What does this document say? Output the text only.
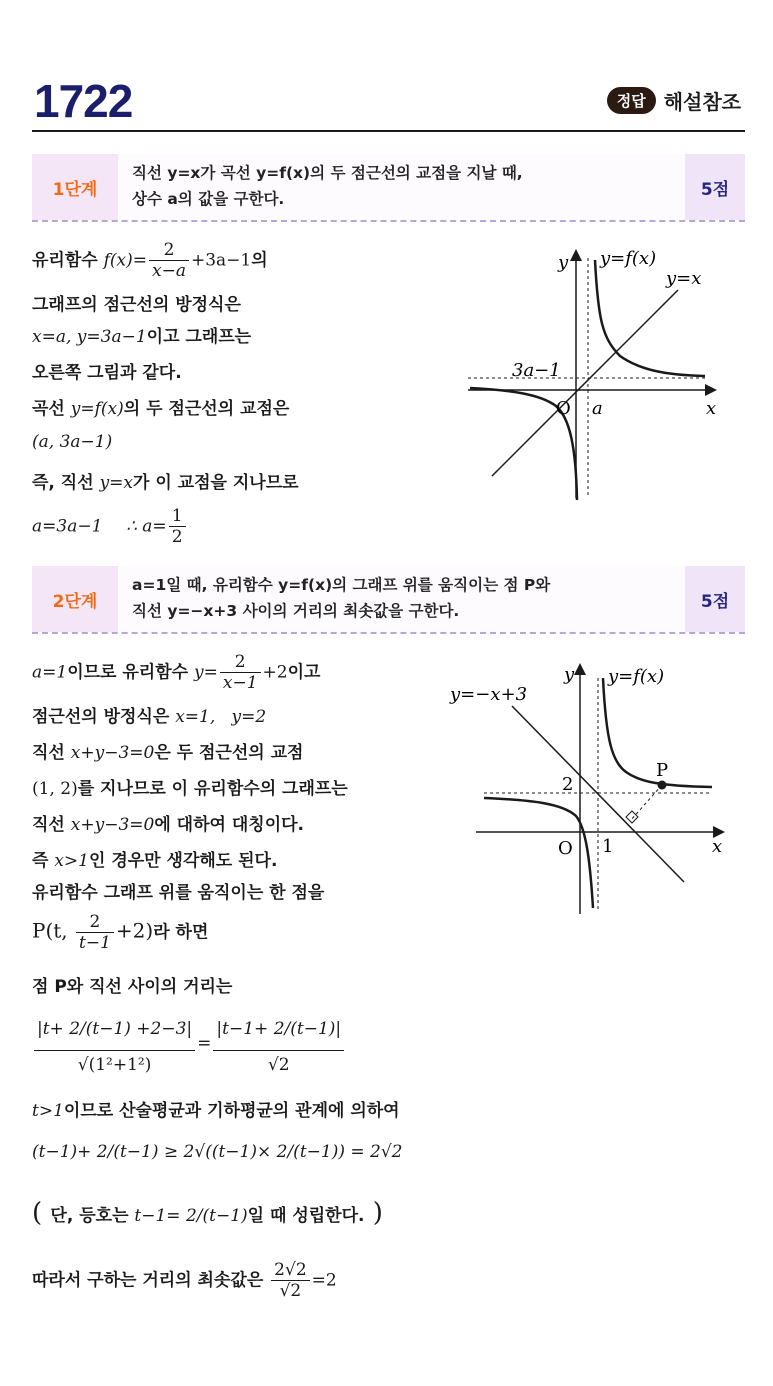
1722	정답 해설참조
1단계
직선 y=x가 곡선 y=f(x)의 두 점근선의 교점을 지날 때,
상수 a의 값을 구한다.	5점
유리함수 $f(x)= \frac{2}{x-a} +3a-1$의
그래프의 점근선의 방정식은
x=a, y=3a−1이고 그래프는
오른쪽 그림과 같다.
곡선 y=f(x)의 두 점근선의 교점은
(a, 3a−1)
즉, 직선 y=x가 이 교점을 지나므로
a=3a−1 ∴ $a= \frac{1}{2}$
y
x
O
y=f(x)
y=x
3a−1
a
2단계
a=1일 때, 유리함수 y=f(x)의 그래프 위를 움직이는 점 P와
직선 y=−x+3 사이의 거리의 최솟값을 구한다.	5점
a=1이므로 유리함수 $y= \frac{2}{x-1} +2$이고
점근선의 방정식은 x=1,   y=2
직선 x+y−3=0은 두 점근선의 교점
(1, 2)를 지나므로 이 유리함수의 그래프는
직선 x+y−3=0에 대하여 대칭이다.
즉 x>1인 경우만 생각해도 된다.
유리함수 그래프 위를 움직이는 한 점을
P(t, $\frac{2}{t-1} +2$)라 하면
점 P와 직선 사이의 거리는
$\frac{|t+ 2/(t-1) +2-3|}{\text{√(1²+1²)}} = \frac{|t-1+ 2/(t-1)|}{√2}$
t>1이므로 산술평균과 기하평균의 관계에 의하여
(t−1)+ 2/(t−1) ≥ 2√((t−1)× 2/(t−1)) = 2√2
( 단, 등호는 t−1= 2/(t−1)일 때 성립한다. )
따라서 구하는 거리의 최솟값은 $\frac{2√2}{√2} =2$
y
x
O
y=f(x)
y=−x+3
2
1
P
